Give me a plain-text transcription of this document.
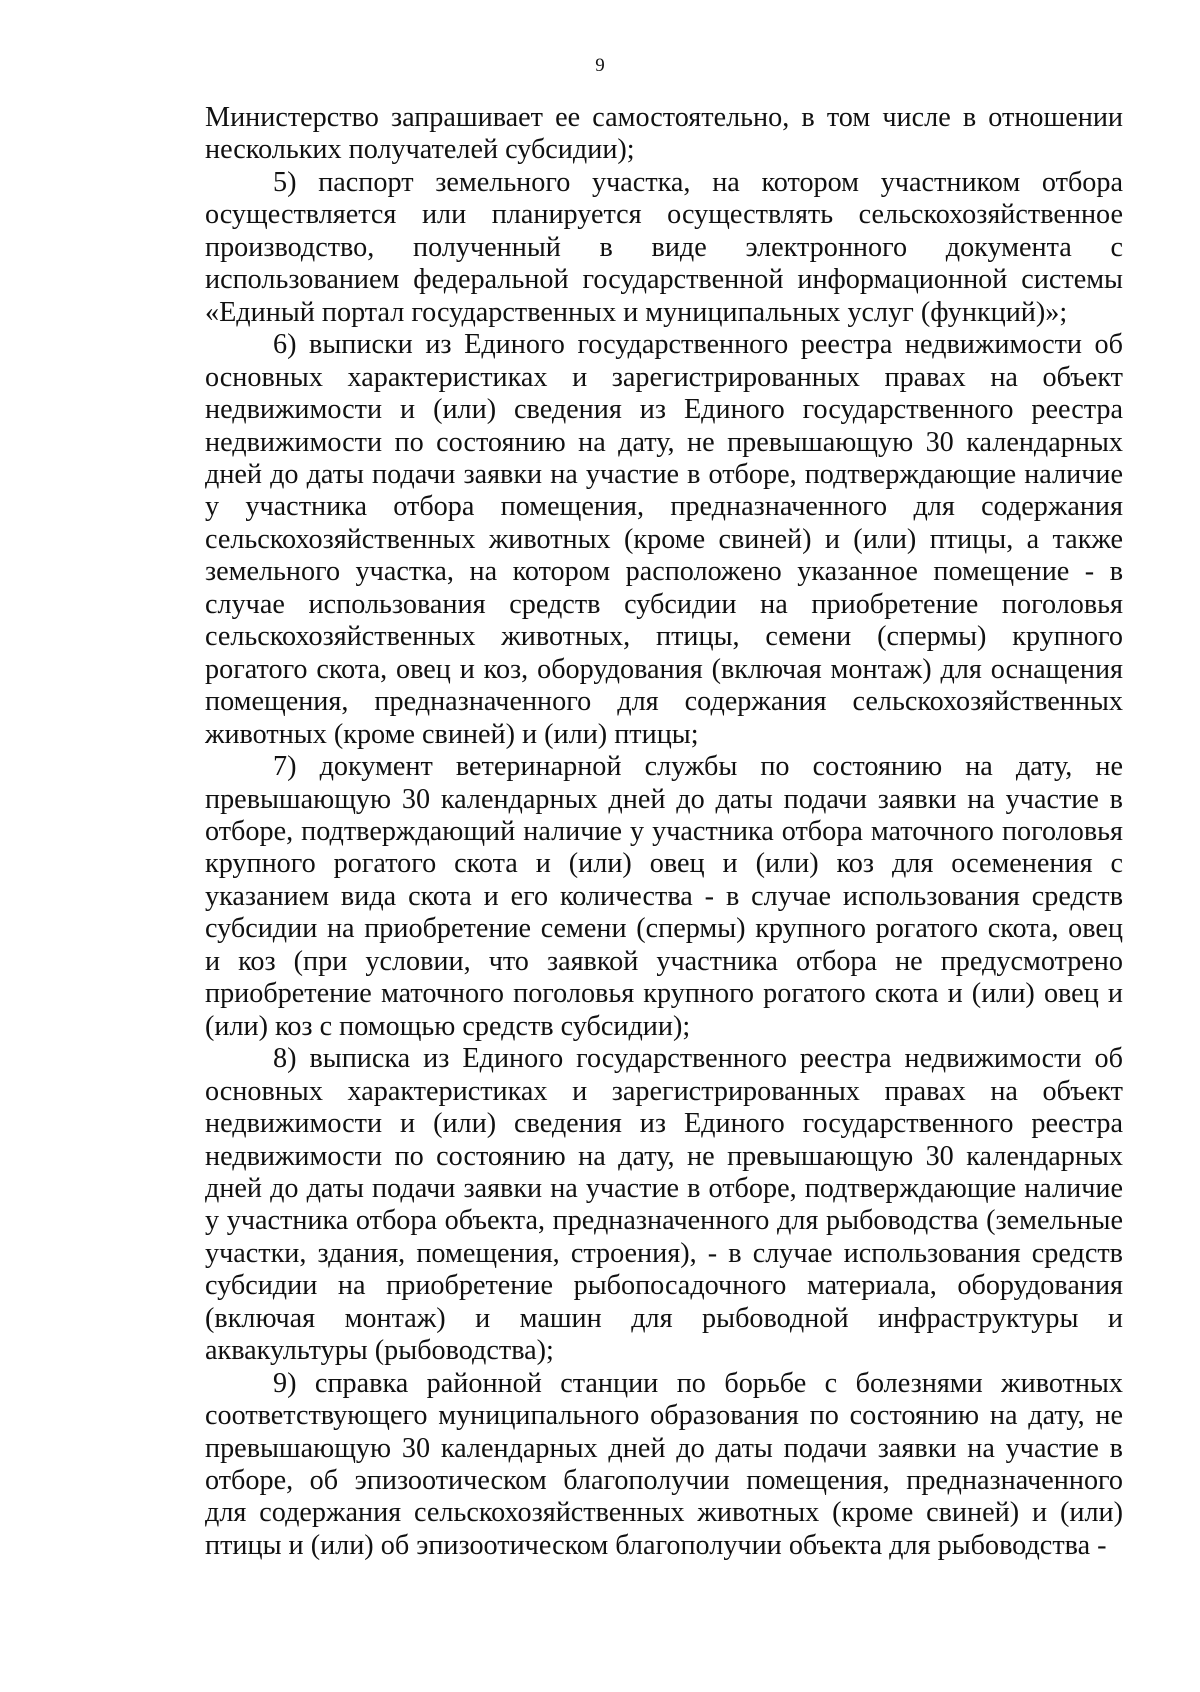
9

Министерство запрашивает ее самостоятельно, в том числе в отношении нескольких получателей субсидии);

5) паспорт земельного участка, на котором участником отбора осуществляется или планируется осуществлять сельскохозяйственное производство, полученный в виде электронного документа с использованием федеральной государственной информационной системы «Единый портал государственных и муниципальных услуг (функций)»;

6) выписки из Единого государственного реестра недвижимости об основных характеристиках и зарегистрированных правах на объект недвижимости и (или) сведения из Единого государственного реестра недвижимости по состоянию на дату, не превышающую 30 календарных дней до даты подачи заявки на участие в отборе, подтверждающие наличие у участника отбора помещения, предназначенного для содержания сельскохозяйственных животных (кроме свиней) и (или) птицы, а также земельного участка, на котором расположено указанное помещение - в случае использования средств субсидии на приобретение поголовья сельскохозяйственных животных, птицы, семени (спермы) крупного рогатого скота, овец и коз, оборудования (включая монтаж) для оснащения помещения, предназначенного для содержания сельскохозяйственных животных (кроме свиней) и (или) птицы;

7) документ ветеринарной службы по состоянию на дату, не превышающую 30 календарных дней до даты подачи заявки на участие в отборе, подтверждающий наличие у участника отбора маточного поголовья крупного рогатого скота и (или) овец и (или) коз для осеменения с указанием вида скота и его количества - в случае использования средств субсидии на приобретение семени (спермы) крупного рогатого скота, овец и коз (при условии, что заявкой участника отбора не предусмотрено приобретение маточного поголовья крупного рогатого скота и (или) овец и (или) коз с помощью средств субсидии);

8) выписка из Единого государственного реестра недвижимости об основных характеристиках и зарегистрированных правах на объект недвижимости и (или) сведения из Единого государственного реестра недвижимости по состоянию на дату, не превышающую 30 календарных дней до даты подачи заявки на участие в отборе, подтверждающие наличие у участника отбора объекта, предназначенного для рыбоводства (земельные участки, здания, помещения, строения), - в случае использования средств субсидии на приобретение рыбопосадочного материала, оборудования (включая монтаж) и машин для рыбоводной инфраструктуры и аквакультуры (рыбоводства);

9) справка районной станции по борьбе с болезнями животных соответствующего муниципального образования по состоянию на дату, не превышающую 30 календарных дней до даты подачи заявки на участие в отборе, об эпизоотическом благополучии помещения, предназначенного для содержания сельскохозяйственных животных (кроме свиней) и (или) птицы и (или) об эпизоотическом благополучии объекта для рыбоводства -
